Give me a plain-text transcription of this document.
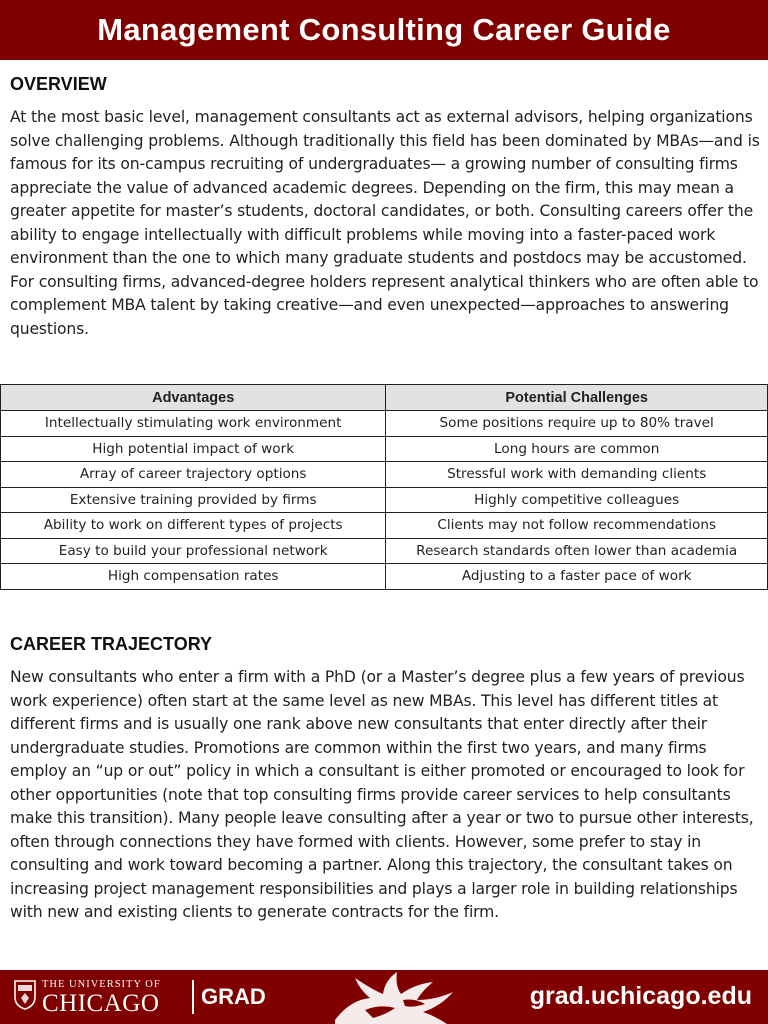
Management Consulting Career Guide
OVERVIEW

At the most basic level, management consultants act as external advisors, helping organizations solve challenging problems. Although traditionally this field has been dominated by MBAs—and is famous for its on-campus recruiting of undergraduates— a growing number of consulting firms appreciate the value of advanced academic degrees. Depending on the firm, this may mean a greater appetite for master’s students, doctoral candidates, or both. Consulting careers offer the ability to engage intellectually with difficult problems while moving into a faster-paced work environment than the one to which many graduate students and postdocs may be accustomed. For consulting firms, advanced-degree holders represent analytical thinkers who are often able to complement MBA talent by taking creative—and even unexpected—approaches to answering questions.

Advantages	Potential Challenges
Intellectually stimulating work environment	Some positions require up to 80% travel
High potential impact of work	Long hours are common
Array of career trajectory options	Stressful work with demanding clients
Extensive training provided by firms	Highly competitive colleagues
Ability to work on different types of projects	Clients may not follow recommendations
Easy to build your professional network	Research standards often lower than academia
High compensation rates	Adjusting to a faster pace of work
CAREER TRAJECTORY

New consultants who enter a firm with a PhD (or a Master’s degree plus a few years of previous work experience) often start at the same level as new MBAs. This level has different titles at different firms and is usually one rank above new consultants that enter directly after their undergraduate studies. Promotions are common within the first two years, and many firms employ an “up or out” policy in which a consultant is either promoted or encouraged to look for other opportunities (note that top consulting firms provide career services to help consultants make this transition). Many people leave consulting after a year or two to pursue other interests, often through connections they have formed with clients. However, some prefer to stay in consulting and work toward becoming a partner. Along this trajectory, the consultant takes on increasing project management responsibilities and plays a larger role in building relationships with new and existing clients to generate contracts for the firm.

THE UNIVERSITY OF
CHICAGO GRAD	grad.uchicago.edu
